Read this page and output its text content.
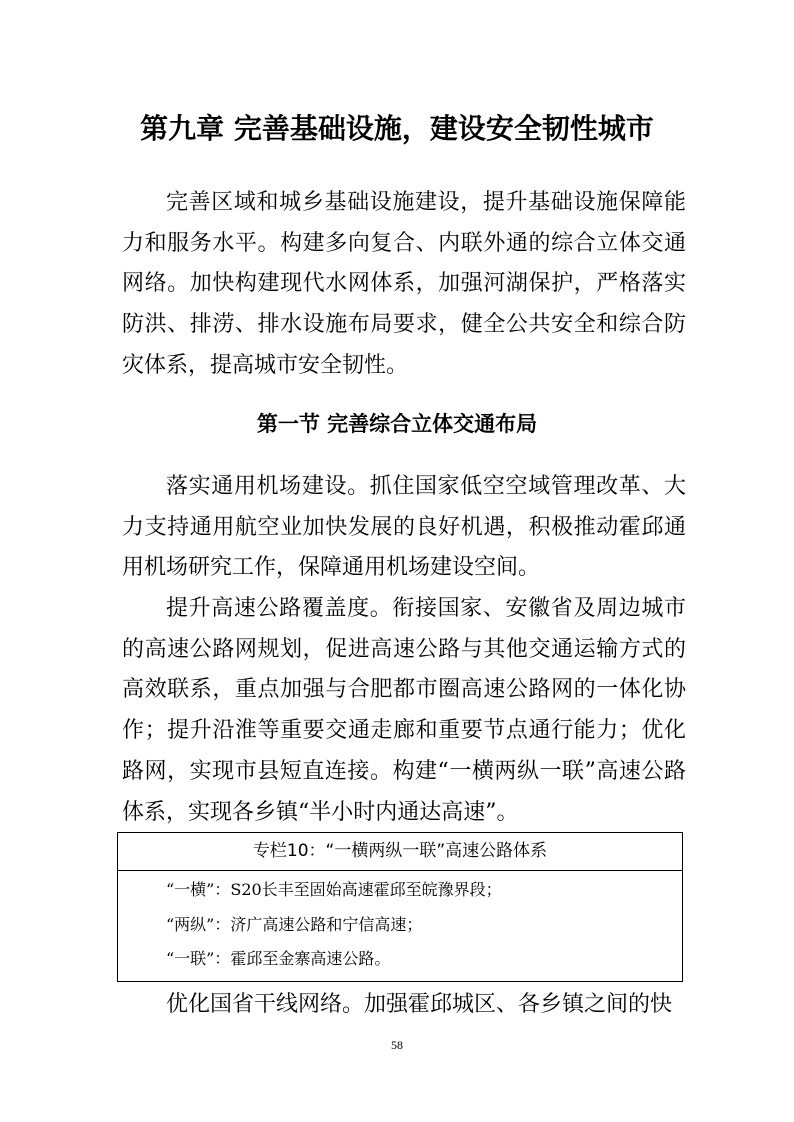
第九章 完善基础设施，建设安全韧性城市

完善区域和城乡基础设施建设，提升基础设施保障能力和服务水平。构建多向复合、内联外通的综合立体交通网络。加快构建现代水网体系，加强河湖保护，严格落实防洪、排涝、排水设施布局要求，健全公共安全和综合防灾体系，提高城市安全韧性。

第一节 完善综合立体交通布局

落实通用机场建设。抓住国家低空空域管理改革、大力支持通用航空业加快发展的良好机遇，积极推动霍邱通用机场研究工作，保障通用机场建设空间。

提升高速公路覆盖度。衔接国家、安徽省及周边城市的高速公路网规划，促进高速公路与其他交通运输方式的高效联系，重点加强与合肥都市圈高速公路网的一体化协作；提升沿淮等重要交通走廊和重要节点通行能力；优化路网，实现市县短直连接。构建“一横两纵一联”高速公路体系，实现各乡镇“半小时内通达高速”。

专栏10：“一横两纵一联”高速公路体系
“一横”：S20长丰至固始高速霍邱至皖豫界段；
“两纵”：济广高速公路和宁信高速；
“一联”：霍邱至金寨高速公路。

优化国省干线网络。加强霍邱城区、各乡镇之间的快

58
